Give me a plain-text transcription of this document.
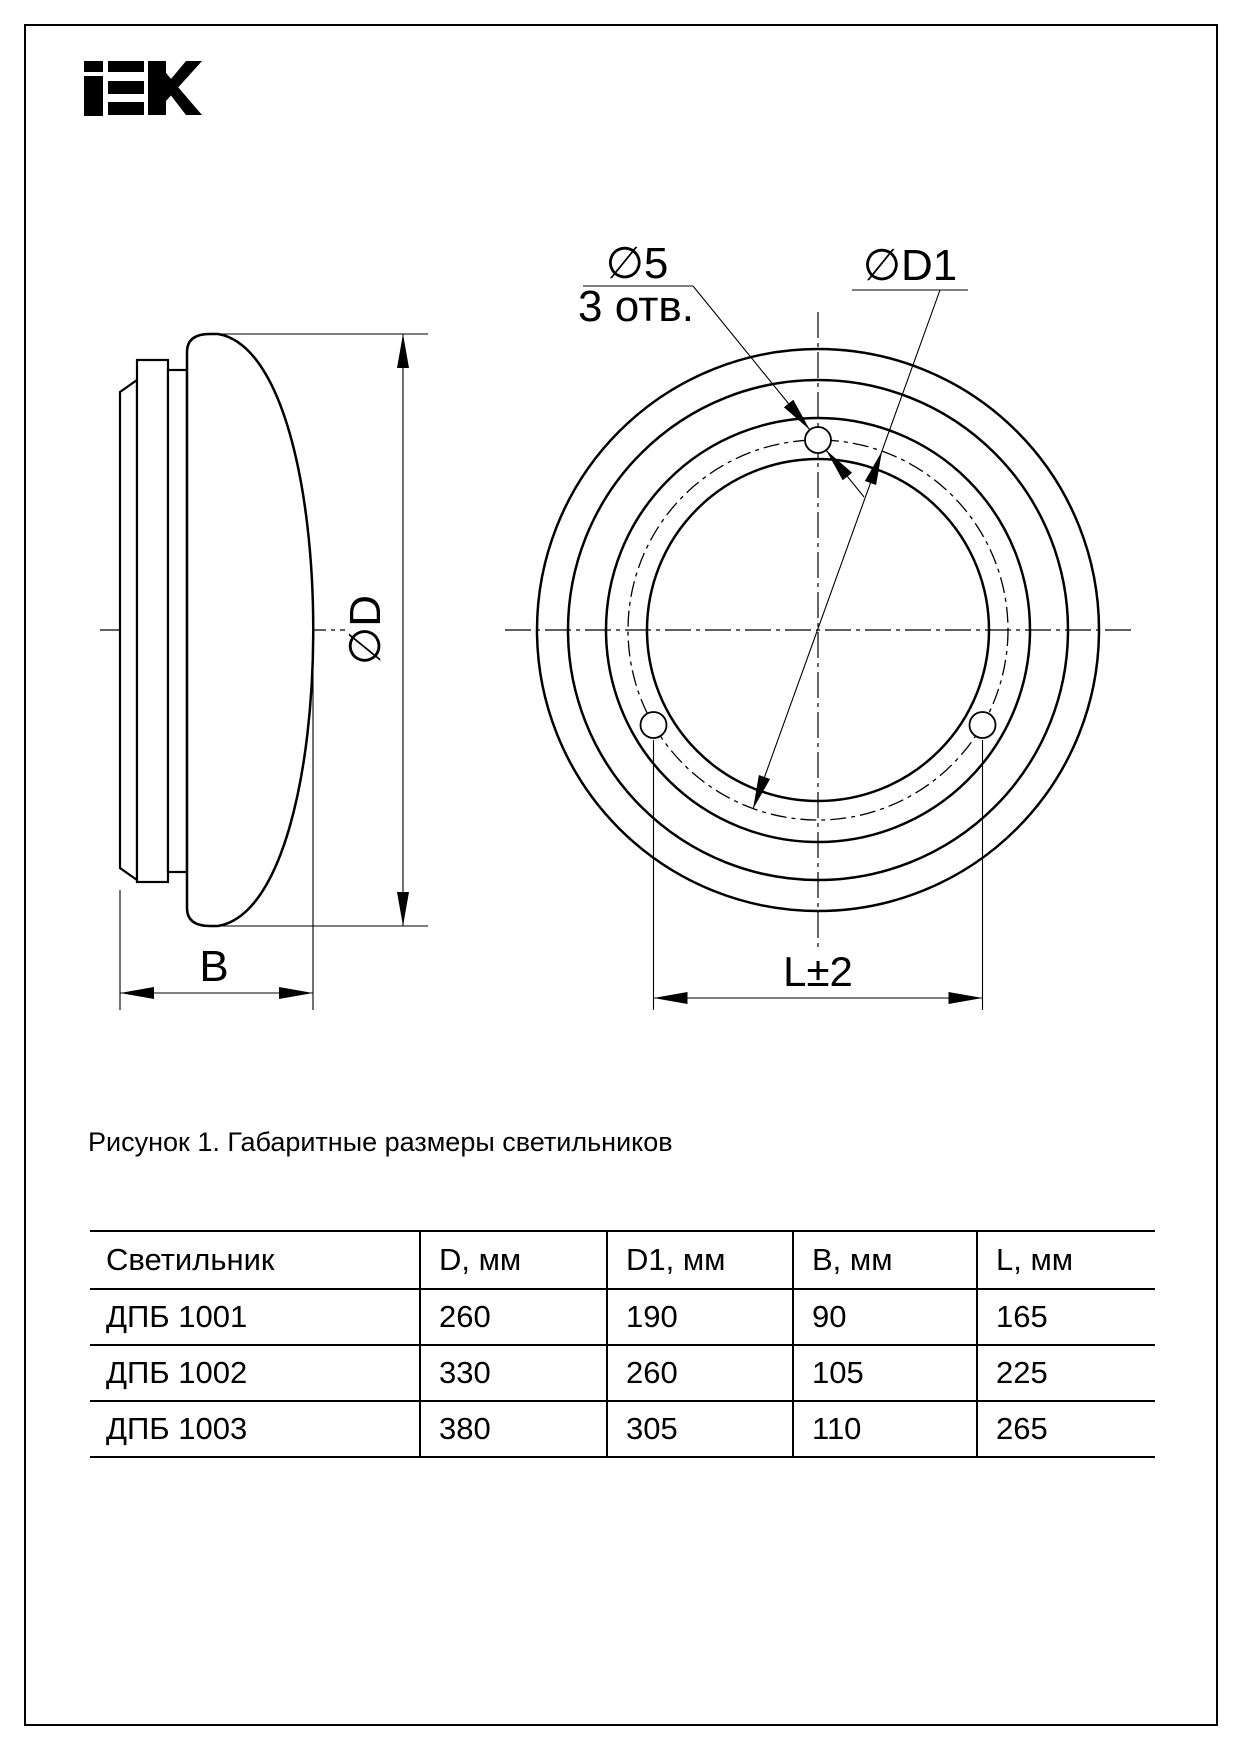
∅D
B
∅5
3 отв.
∅D1
L±2
Рисунок 1. Габаритные размеры светильников
Светильник	D, мм	D1, мм	B, мм	L, мм
ДПБ 1001	260	190	90	165
ДПБ 1002	330	260	105	225
ДПБ 1003	380	305	110	265
